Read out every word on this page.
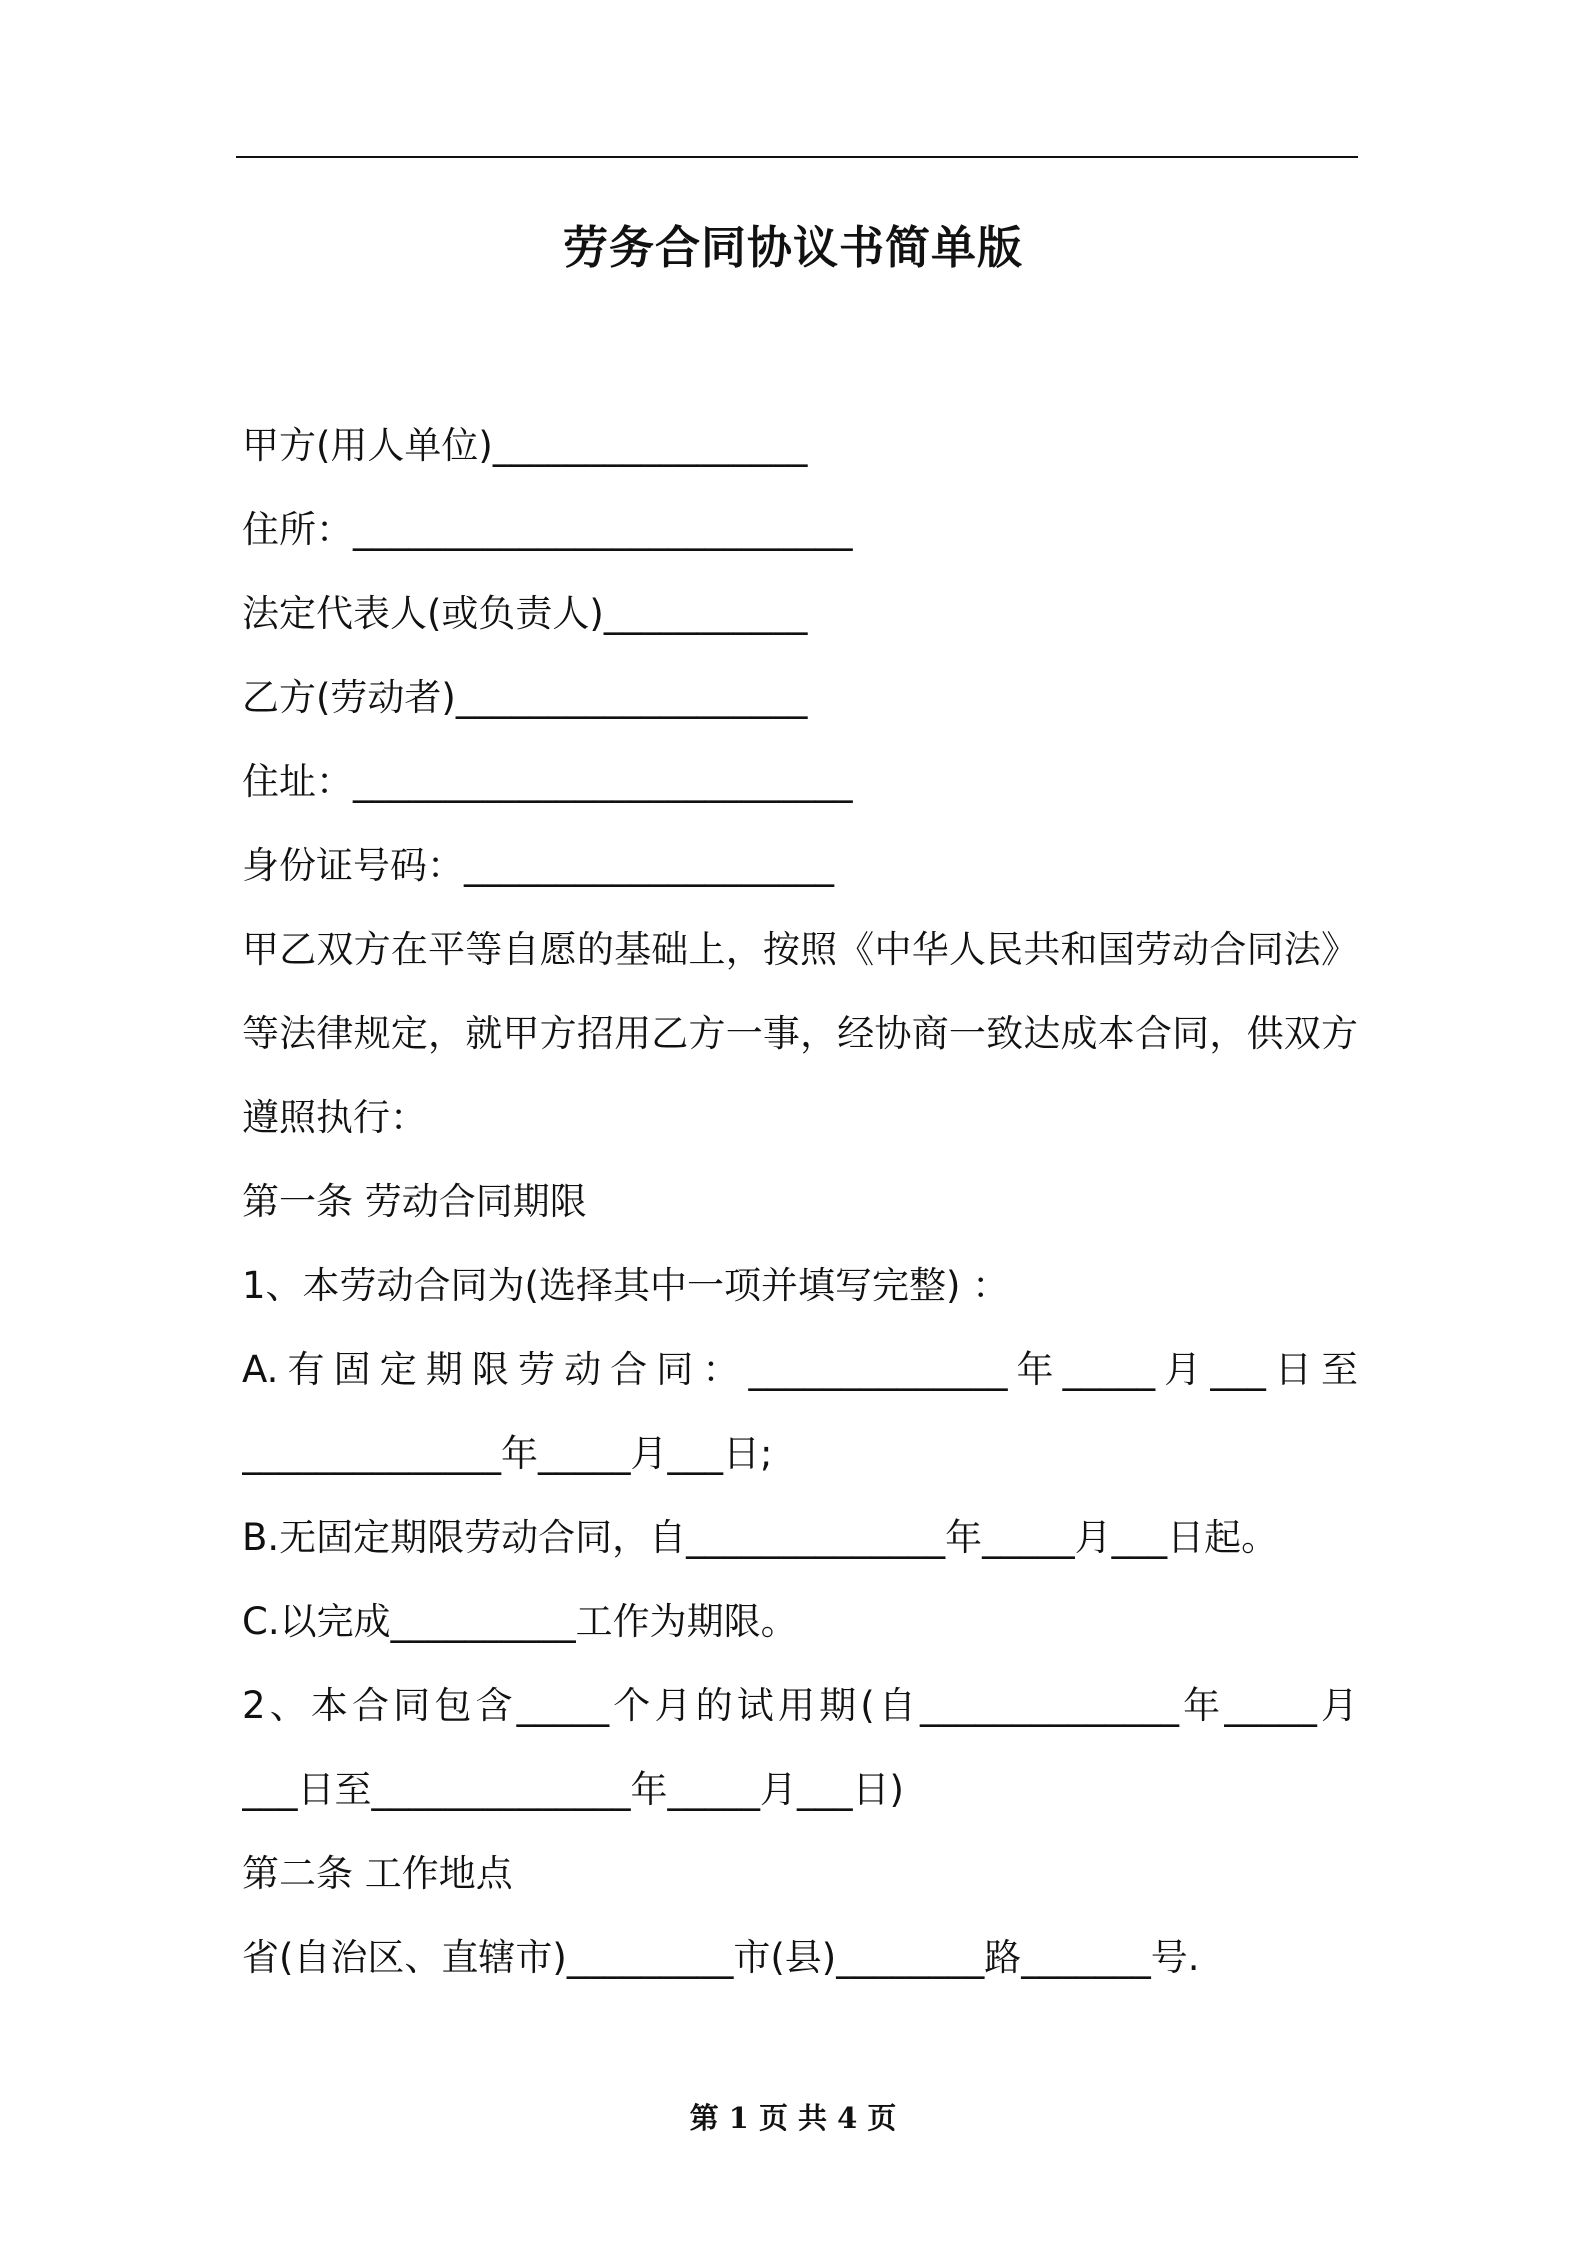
劳务合同协议书简单版
甲方(用人单位)_________________
住所：___________________________
法定代表人(或负责人)___________
乙方(劳动者)___________________
住址：___________________________
身份证号码：____________________
甲乙双方在平等自愿的基础上，按照《中华人民共和国劳动合同法》
等法律规定，就甲方招用乙方一事，经协商一致达成本合同，供双方
遵照执行：
第一条 劳动合同期限
1、本劳动合同为(选择其中一项并填写完整) ：
A.有固定期限劳动合同：______________年_____月___日至
______________年_____月___日;
B.无固定期限劳动合同，自______________年_____月___日起。
C.以完成__________工作为期限。
2、本合同包含_____个月的试用期(自______________年_____月
___日至______________年_____月___日)
第二条 工作地点
省(自治区、直辖市)_________市(县)________路_______号.
第 1 页 共 4 页
